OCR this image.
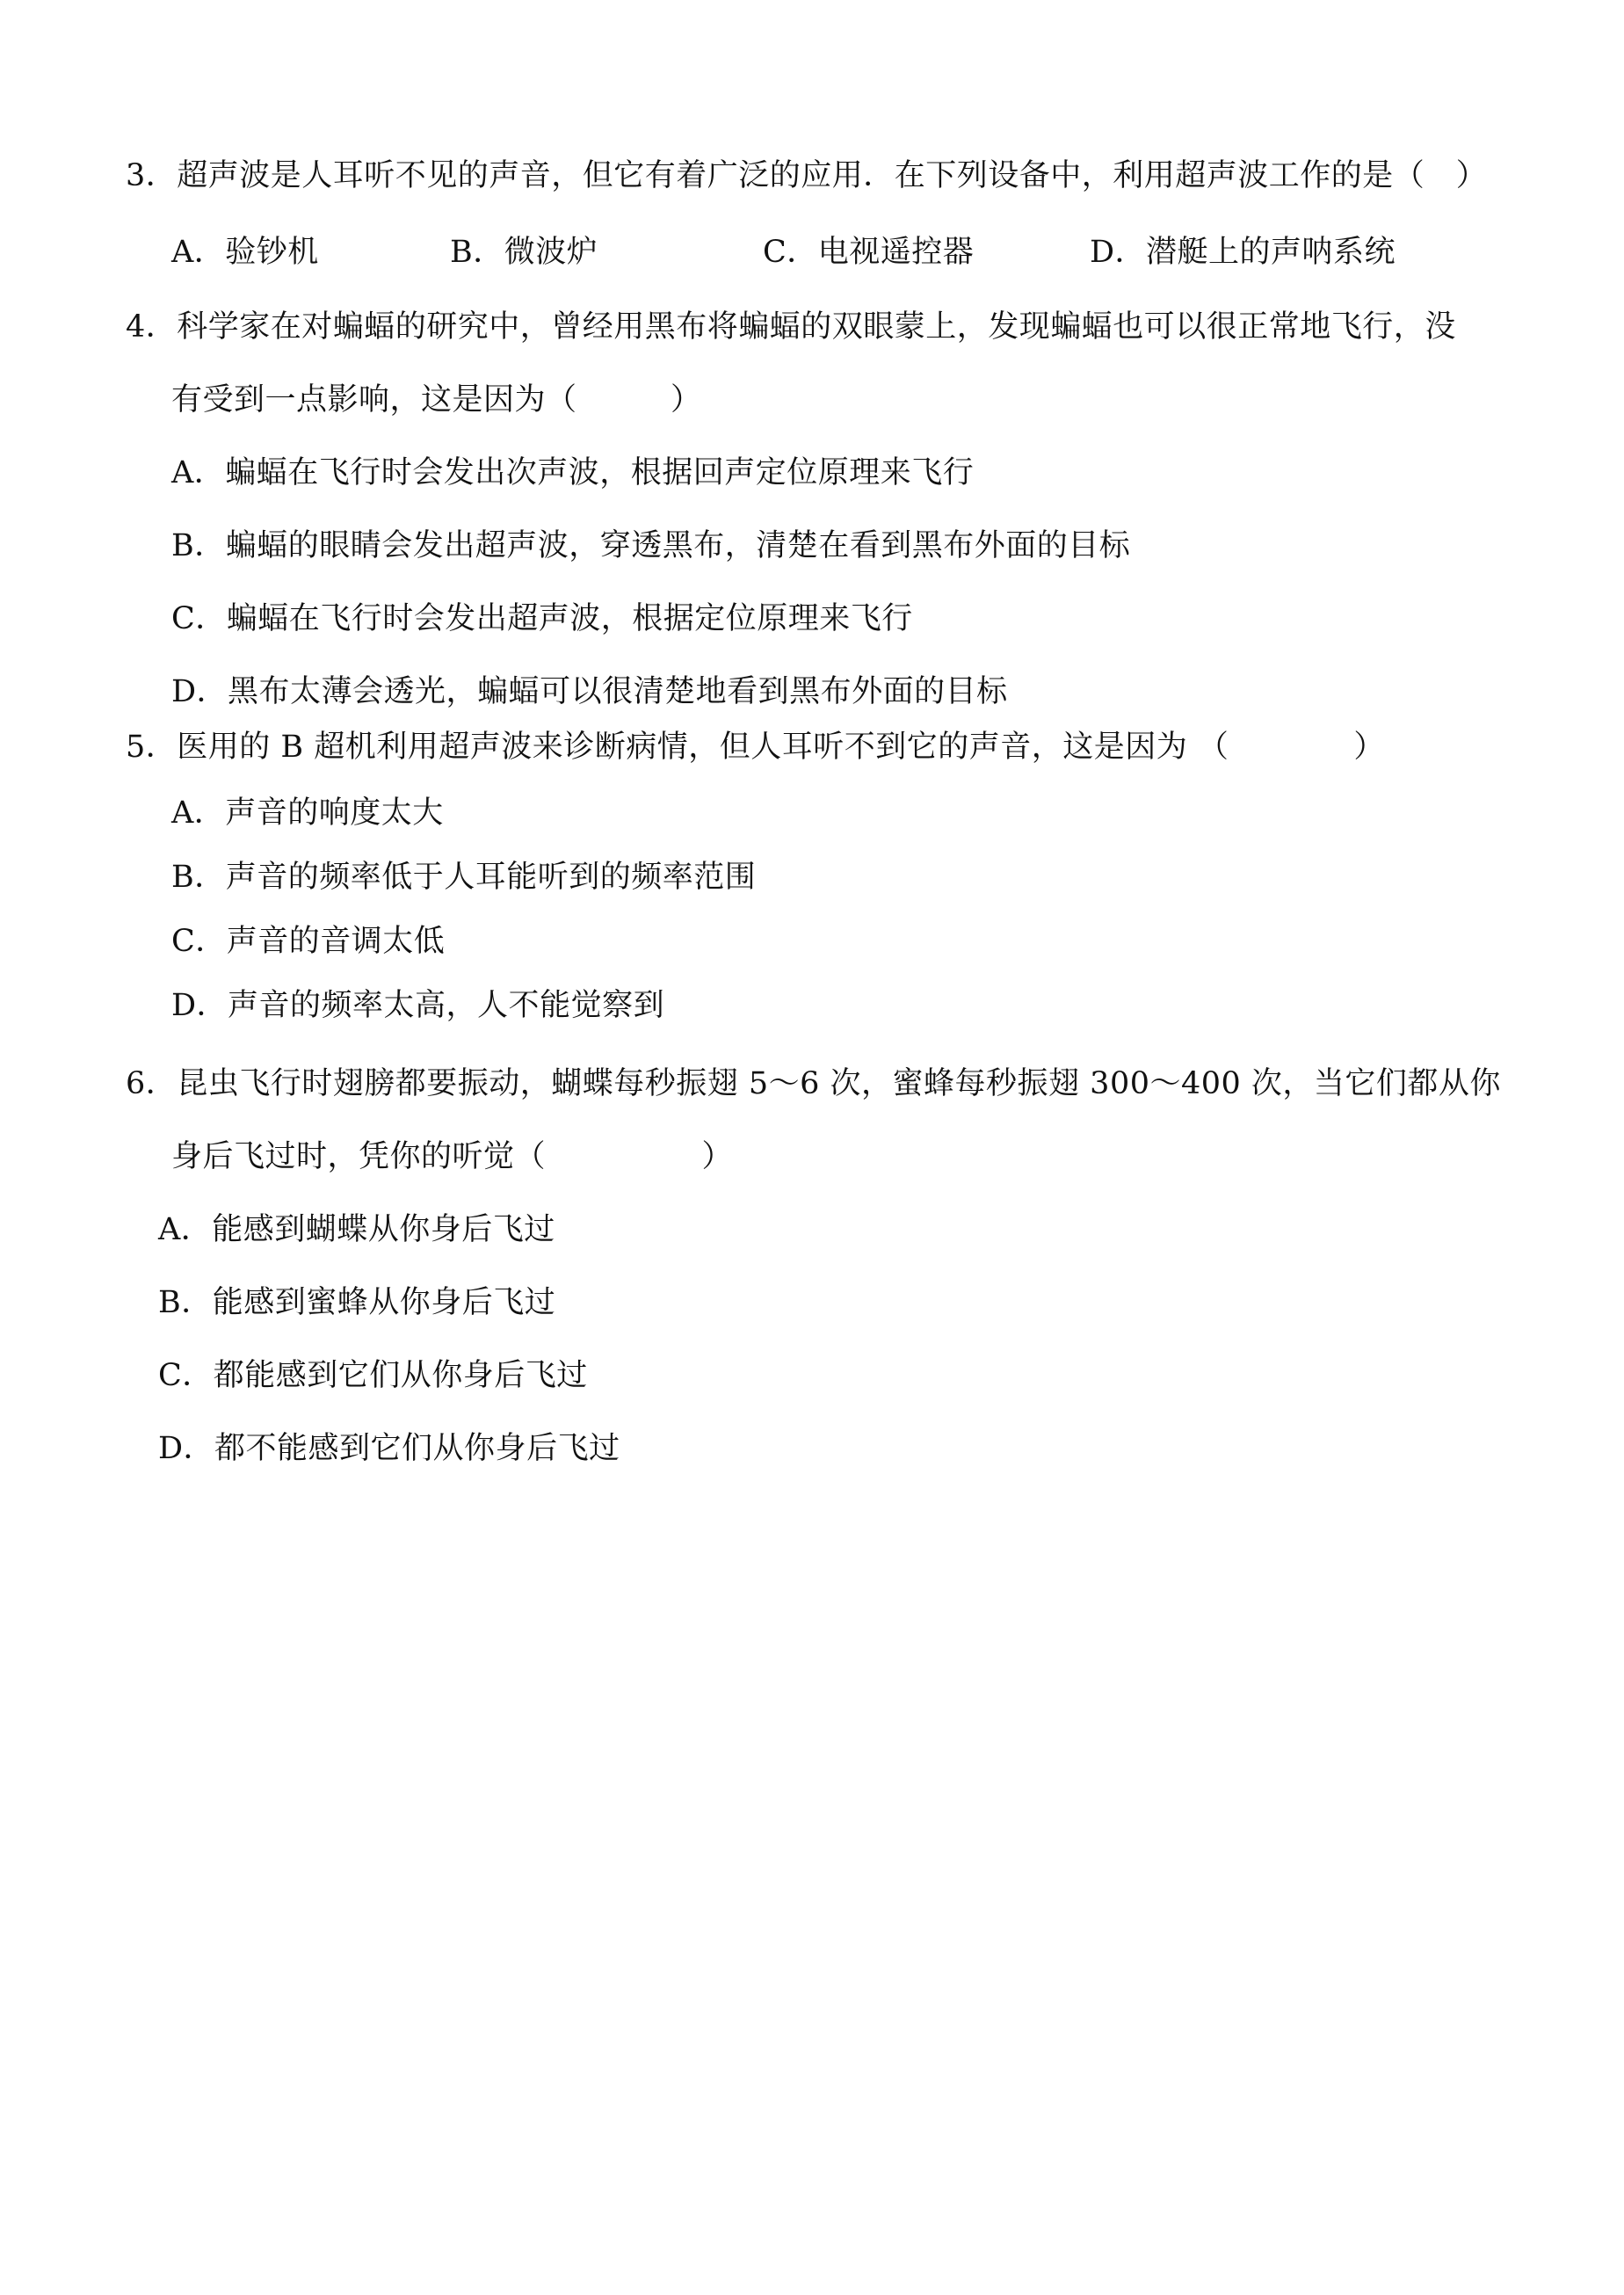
3．超声波是人耳听不见的声音，但它有着广泛的应用．在下列设备中，利用超声波工作的是（　）
A．验钞机	B．微波炉	C．电视遥控器	D．潜艇上的声呐系统
4．科学家在对蝙蝠的研究中，曾经用黑布将蝙蝠的双眼蒙上，发现蝙蝠也可以很正常地飞行，没
有受到一点影响，这是因为（　　　）
A．蝙蝠在飞行时会发出次声波，根据回声定位原理来飞行
B．蝙蝠的眼睛会发出超声波，穿透黑布，清楚在看到黑布外面的目标
C．蝙蝠在飞行时会发出超声波，根据定位原理来飞行
D．黑布太薄会透光，蝙蝠可以很清楚地看到黑布外面的目标
5．医用的 B 超机利用超声波来诊断病情，但人耳听不到它的声音，这是因为 （　　　　）
A．声音的响度太大
B．声音的频率低于人耳能听到的频率范围
C．声音的音调太低
D．声音的频率太高，人不能觉察到
6．昆虫飞行时翅膀都要振动，蝴蝶每秒振翅 5～6 次，蜜蜂每秒振翅 300～400 次，当它们都从你
身后飞过时，凭你的听觉（　　　　　）
A．能感到蝴蝶从你身后飞过
B．能感到蜜蜂从你身后飞过
C．都能感到它们从你身后飞过
D．都不能感到它们从你身后飞过
